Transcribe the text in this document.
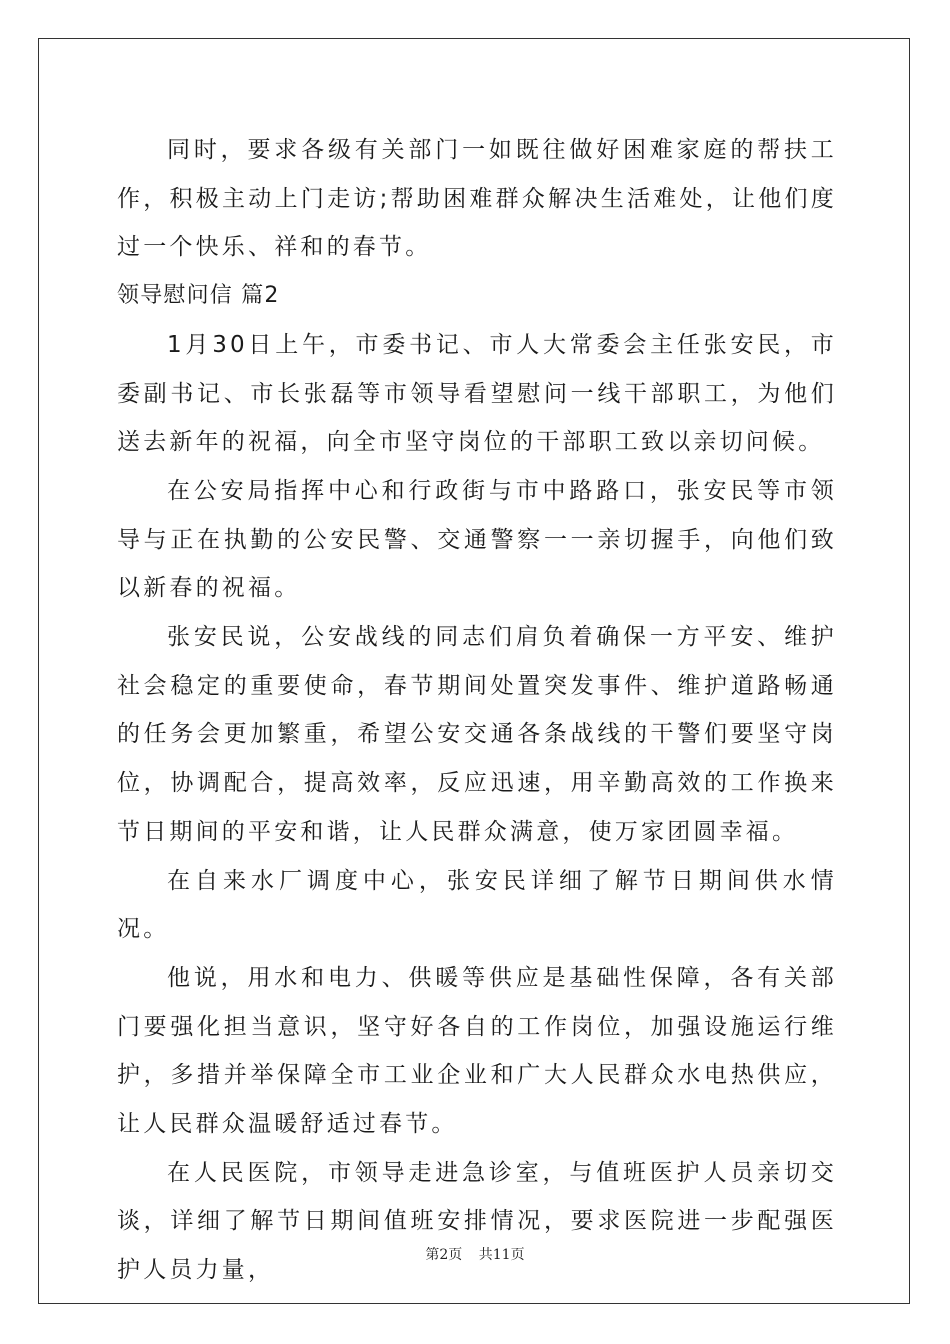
同时，要求各级有关部门一如既往做好困难家庭的帮扶工作，积极主动上门走访;帮助困难群众解决生活难处，让他们度过一个快乐、祥和的春节。

领导慰问信 篇2

1月30日上午，市委书记、市人大常委会主任张安民，市委副书记、市长张磊等市领导看望慰问一线干部职工，为他们送去新年的祝福，向全市坚守岗位的干部职工致以亲切问候。

在公安局指挥中心和行政街与市中路路口，张安民等市领导与正在执勤的公安民警、交通警察一一亲切握手，向他们致以新春的祝福。

张安民说，公安战线的同志们肩负着确保一方平安、维护社会稳定的重要使命，春节期间处置突发事件、维护道路畅通的任务会更加繁重，希望公安交通各条战线的干警们要坚守岗位，协调配合，提高效率，反应迅速，用辛勤高效的工作换来节日期间的平安和谐，让人民群众满意，使万家团圆幸福。

在自来水厂调度中心，张安民详细了解节日期间供水情况。

他说，用水和电力、供暖等供应是基础性保障，各有关部门要强化担当意识，坚守好各自的工作岗位，加强设施运行维护，多措并举保障全市工业企业和广大人民群众水电热供应，让人民群众温暖舒适过春节。

在人民医院，市领导走进急诊室，与值班医护人员亲切交谈，详细了解节日期间值班安排情况，要求医院进一步配强医护人员力量，

第2页 共11页
